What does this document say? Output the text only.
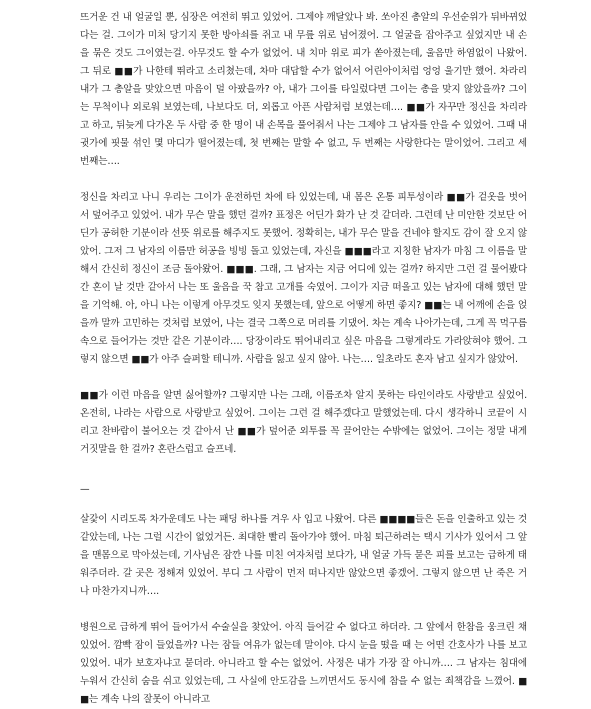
뜨거운 건 내 얼굴일 뿐, 심장은 여전히 뛰고 있었어. 그제야 깨달았나 봐. 쏘아진 총알의 우선순위가 뒤바뀌었다는 걸. 그이가 미처 당기지 못한 방아쇠를 쥐고 내 무릎 위로 넘어졌어. 그 얼굴을 잡아주고 싶었지만 내 손을 묶은 것도 그이였는걸. 아무것도 할 수가 없었어. 내 치마 위로 피가 쏟아졌는데, 울음만 하염없이 나왔어. 그 뒤로 ■■가 나한테 뛰라고 소리쳤는데, 차마 대답할 수가 없어서 어린아이처럼 엉엉 울기만 했어. 차라리 내가 그 총알을 맞았으면 마음이 덜 아팠을까? 아, 내가 그이를 타일렀다면 그이는 총을 맞지 않았을까? 그이는 무척이나 외로워 보였는데, 나보다도 더, 외롭고 아픈 사람처럼 보였는데…. ■■가 자꾸만 정신을 차리라고 하고, 뒤늦게 다가온 두 사람 중 한 명이 내 손목을 풀어줘서 나는 그제야 그 남자를 안을 수 있었어. 그때 내 귓가에 핏물 섞인 몇 마디가 떨어졌는데, 첫 번째는 말할 수 없고, 두 번째는 사랑한다는 말이었어. 그리고 세 번째는….

정신을 차리고 나니 우리는 그이가 운전하던 차에 타 있었는데, 내 몸은 온통 피투성이라 ■■가 겉옷을 벗어서 덮어주고 있었어. 내가 무슨 말을 했던 걸까? 표정은 어딘가 화가 난 것 같더라. 그런데 난 미안한 것보단 어딘가 공허한 기분이라 선뜻 위로를 해주지도 못했어. 정확히는, 내가 무슨 말을 건네야 할지도 감이 잘 오지 않았어. 그저 그 남자의 이름만 허공을 빙빙 돌고 있었는데, 자신을 ■■■라고 지칭한 남자가 마침 그 이름을 말해서 간신히 정신이 조금 돌아왔어. ■■■. 그래, 그 남자는 지금 어디에 있는 걸까? 하지만 그런 걸 물어봤다간 혼이 날 것만 같아서 나는 또 울음을 꾹 참고 고개를 숙였어. 그이가 지금 떠올고 있는 남자에 대해 했던 말을 기억해. 아, 아니 나는 이렇게 아무것도 잊지 못했는데, 앞으로 어떻게 하면 좋지? ■■는 내 어깨에 손을 얹을까 말까 고민하는 것처럼 보였어, 나는 결국 그쪽으로 머리를 기댔어. 차는 계속 나아가는데, 그게 꼭 먹구름 속으로 들어가는 것만 같은 기분이라…. 당장이라도 뛰어내리고 싶은 마음을 그렇게라도 가라앉혀야 했어. 그렇지 않으면 ■■가 아주 슬퍼할 테니까. 사람을 잃고 싶지 않아. 나는…. 일초라도 혼자 남고 싶지가 않았어.

■■가 이런 마음을 알면 싫어할까? 그렇지만 나는 그래, 이름조차 알지 못하는 타인이라도 사랑받고 싶었어. 온전히, 나라는 사람으로 사랑받고 싶었어. 그이는 그런 걸 해주겠다고 말했었는데. 다시 생각하니 코끝이 시리고 찬바람이 불어오는 것 같아서 난 ■■가 덮어준 외투를 꼭 끌어안는 수밖에는 없었어. 그이는 정말 내게 거짓말을 한 걸까? 혼란스럽고 슬프네.

—

살갗이 시리도록 차가운데도 나는 패딩 하나를 겨우 사 입고 나왔어. 다른 ■■■■들은 돈을 인출하고 있는 것 같았는데, 나는 그럴 시간이 없었거든. 최대한 빨리 돌아가야 했어. 마침 퇴근하려는 택시 기사가 있어서 그 앞을 맨몸으로 막아섰는데, 기사님은 잠깐 나를 미친 여자처럼 보다가, 내 얼굴 가득 묻은 피를 보고는 급하게 태워주더라. 갈 곳은 정해져 있었어. 부디 그 사람이 먼저 떠나지만 않았으면 좋겠어. 그렇지 않으면 난 죽은 거나 마찬가지니까….

병원으로 급하게 뛰어 들어가서 수술실을 찾았어. 아직 들어갈 수 없다고 하더라. 그 앞에서 한참을 웅크린 채 있었어. 깜빡 잠이 들었을까? 나는 잠들 여유가 없는데 말이야. 다시 눈을 떴을 때 는 어떤 간호사가 나를 보고 있었어. 내가 보호자냐고 묻더라. 아니라고 할 수는 없었어. 사정은 내가 가장 잘 아니까…. 그 남자는 침대에 누워서 간신히 숨을 쉬고 있었는데, 그 사실에 안도감을 느끼면서도 동시에 참을 수 없는 죄책감을 느꼈어. ■■는 계속 나의 잘못이 아니라고
